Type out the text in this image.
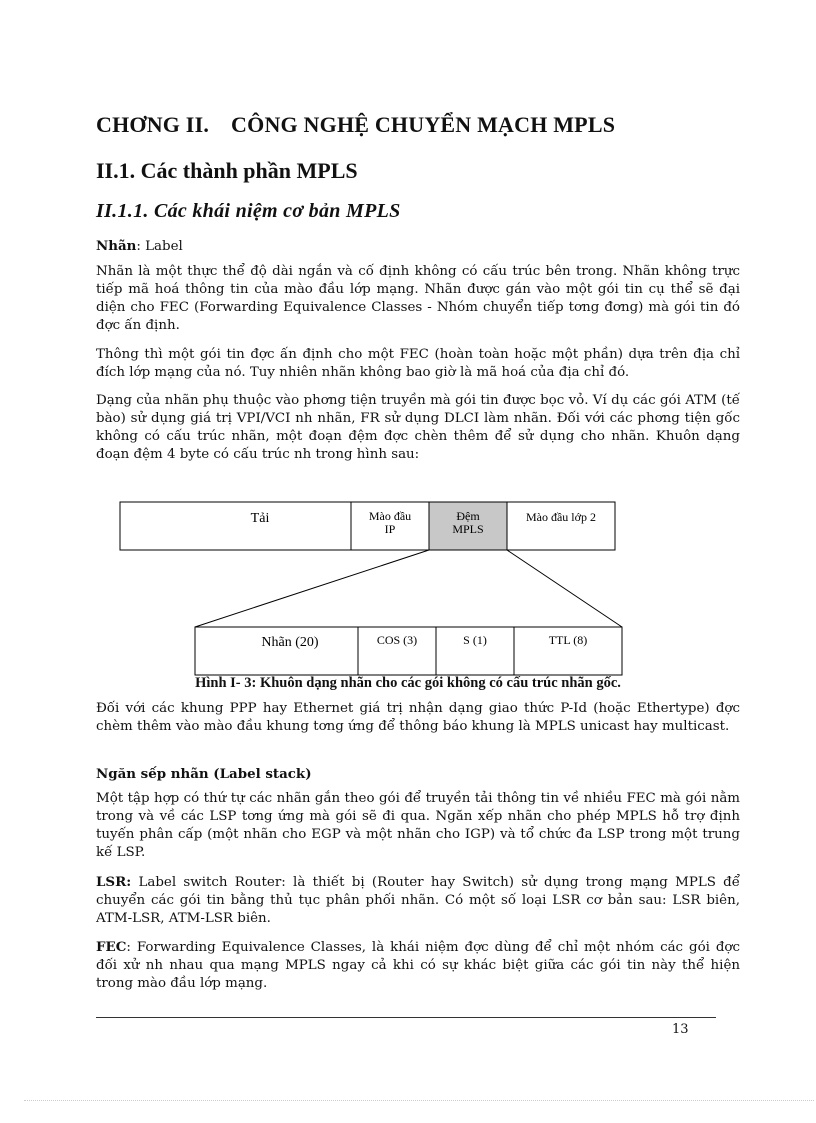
CHƠNG II. CÔNG NGHỆ CHUYỂN MẠCH MPLS
II.1. Các thành phần MPLS
II.1.1. Các khái niệm cơ bản MPLS
Nhãn: Label
Nhãn là một thực thể độ dài ngắn và cố định không có cấu trúc bên trong. Nhãn không trực tiếp mã hoá thông tin của mào đầu lớp mạng. Nhãn được gán vào một gói tin cụ thể sẽ đại diện cho FEC (Forwarding Equivalence Classes - Nhóm chuyển tiếp tơng đơng) mà gói tin đó đợc ấn định.
Thông thì một gói tin đợc ấn định cho một FEC (hoàn toàn hoặc một phần) dựa trên địa chỉ đích lớp mạng của nó. Tuy nhiên nhãn không bao giờ là mã hoá của địa chỉ đó.
Dạng của nhãn phụ thuộc vào phơng tiện truyền mà gói tin được bọc vỏ. Ví dụ các gói ATM (tế bào) sử dụng giá trị VPI/VCI nh nhãn, FR sử dụng DLCI làm nhãn. Đối với các phơng tiện gốc không có cấu trúc nhãn, một đoạn đệm đợc chèn thêm để sử dụng cho nhãn. Khuôn dạng đoạn đệm 4 byte có cấu trúc nh trong hình sau:
Tải	Mào đầu
IP
Đệm
MPLS
Mào đầu lớp 2
Nhãn (20)	COS (3)	S (1)	TTL (8)
Hình I- 3: Khuôn dạng nhãn cho các gói không có cấu trúc nhãn gốc.
Đối với các khung PPP hay Ethernet giá trị nhận dạng giao thức P-Id (hoặc Ethertype) đợc chèm thêm vào mào đầu khung tơng ứng để thông báo khung là MPLS unicast hay multicast.
Ngăn sếp nhãn (Label stack)
Một tập hợp có thứ tự các nhãn gắn theo gói để truyền tải thông tin về nhiều FEC mà gói nằm trong và về các LSP tơng ứng mà gói sẽ đi qua. Ngăn xếp nhãn cho phép MPLS hỗ trợ định tuyến phân cấp (một nhãn cho EGP và một nhãn cho IGP) và tổ chức đa LSP trong một trung kế LSP.
LSR: Label switch Router: là thiết bị (Router hay Switch) sử dụng trong mạng MPLS để chuyển các gói tin bằng thủ tục phân phối nhãn. Có một số loại LSR cơ bản sau: LSR biên, ATM-LSR, ATM-LSR biên.
FEC: Forwarding Equivalence Classes, là khái niệm đợc dùng để chỉ một nhóm các gói đợc đối xử nh nhau qua mạng MPLS ngay cả khi có sự khác biệt giữa các gói tin này thể hiện trong mào đầu lớp mạng.
13
